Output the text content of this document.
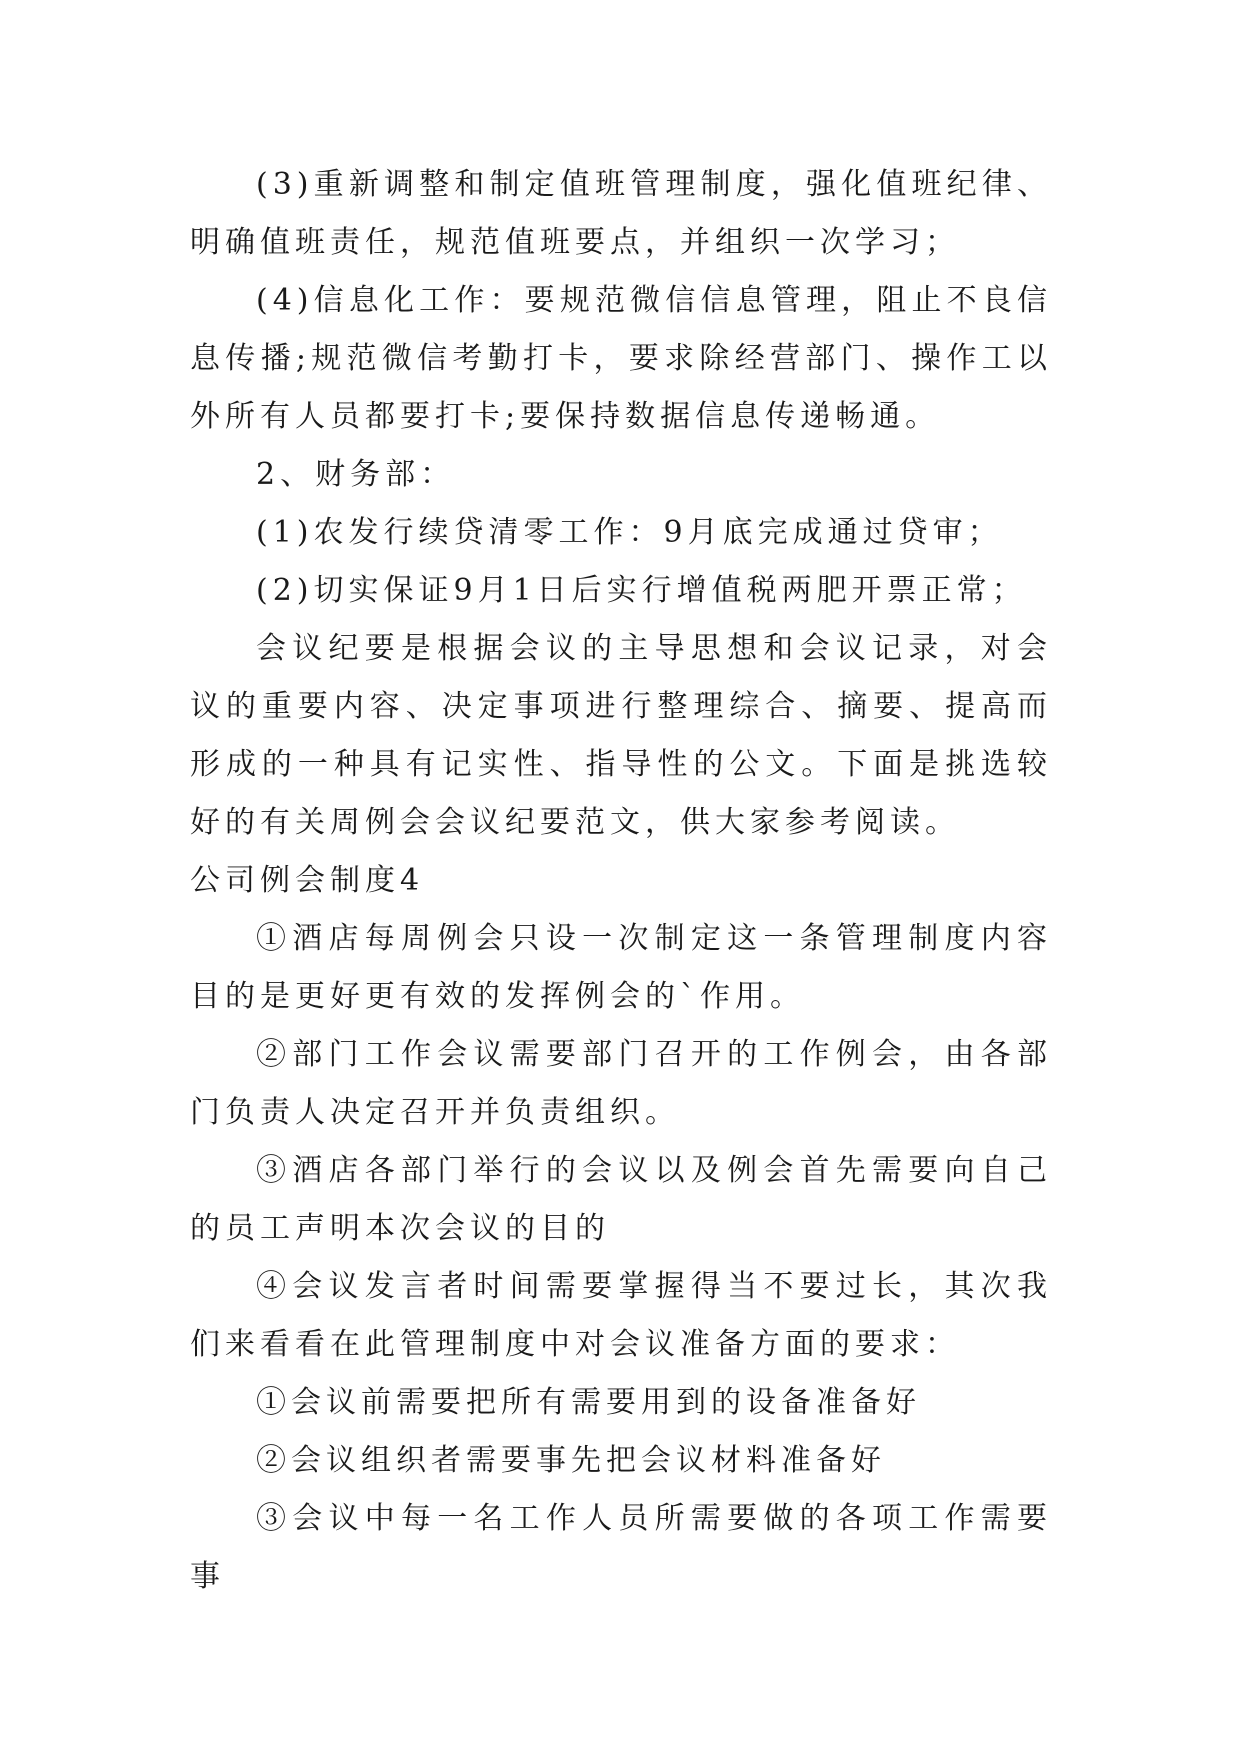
(3)重新调整和制定值班管理制度，强化值班纪律、明确值班责任，规范值班要点，并组织一次学习；

(4)信息化工作：要规范微信信息管理，阻止不良信息传播;规范微信考勤打卡，要求除经营部门、操作工以外所有人员都要打卡;要保持数据信息传递畅通。

2、财务部：

(1)农发行续贷清零工作：9月底完成通过贷审；

(2)切实保证9月1日后实行增值税两肥开票正常；

会议纪要是根据会议的主导思想和会议记录，对会议的重要内容、决定事项进行整理综合、摘要、提高而形成的一种具有记实性、指导性的公文。下面是挑选较好的有关周例会会议纪要范文，供大家参考阅读。

公司例会制度4

①酒店每周例会只设一次制定这一条管理制度内容目的是更好更有效的发挥例会的`作用。

②部门工作会议需要部门召开的工作例会，由各部门负责人决定召开并负责组织。

③酒店各部门举行的会议以及例会首先需要向自己的员工声明本次会议的目的

④会议发言者时间需要掌握得当不要过长，其次我们来看看在此管理制度中对会议准备方面的要求：

①会议前需要把所有需要用到的设备准备好

②会议组织者需要事先把会议材料准备好

③会议中每一名工作人员所需要做的各项工作需要事
